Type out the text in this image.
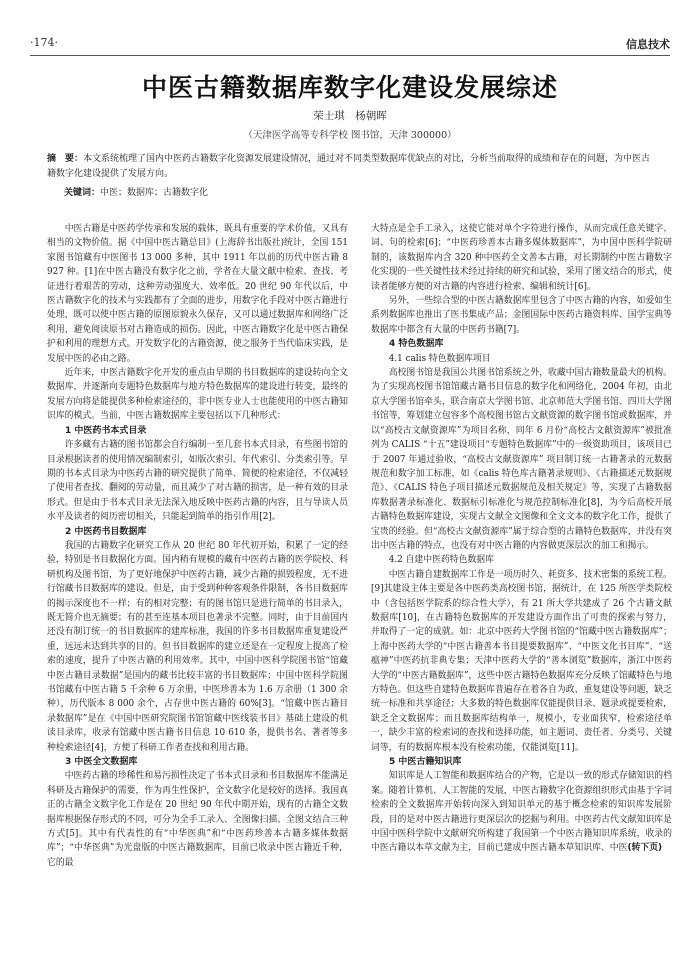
·174·	信息技术
中医古籍数据库数字化建设发展综述
荣士琪　杨朝晖
（天津医学高等专科学校 图书馆，天津 300000）
摘　要：本文系统梳理了国内中医药古籍数字化资源发展建设情况，通过对不同类型数据库优缺点的对比，分析当前取得的成绩和存在的问题，为中医古籍数字化建设提供了发展方向。
关键词：中医；数据库；古籍数字化

中医古籍是中医药学传承和发展的载体，既具有重要的学术价值，又具有相当的文物价值。据《中国中医古籍总目》(上海辞书出版社)统计，全国 151 家图书馆藏有中医图书 13 000 多种，其中 1911 年以前的历代中医古籍 8 927 种。[1]在中医古籍没有数字化之前，学者在大量文献中检索、查找、考证进行着艰苦的劳动，这种劳动强度大、效率低。20 世纪 90 年代以后，中医古籍数字化的技术与实践都有了全面的进步，用数字化手段对中医古籍进行处理，既可以使中医古籍的原图原貌永久保存，又可以通过数据库和网络广泛利用，避免阅读原书对古籍造成的损伤。因此，中医古籍数字化是中医古籍保护和利用的理想方式。开发数字化的古籍资源，使之服务于当代临床实践，是发展中医的必由之路。

近年来，中医古籍数字化开发的重点由早期的书目数据库的建设转向全文数据库，并逐渐向专题特色数据库与地方特色数据库的建设进行转变，最终的发展方向将是能提供多种检索途径的，非中医专业人士也能使用的中医古籍知识库的模式。当前，中医古籍数据库主要包括以下几种形式：

1 中医药书本式目录

许多藏有古籍的图书馆都会自行编制一至几套书本式目录，有些图书馆的目录根据读者的使用情况编制索引，如版次索引、年代索引、分类索引等。早期的书本式目录为中医药古籍的研究提供了简单、简便的检索途径，不仅减轻了使用者查找、翻阅的劳动量，而且减少了对古籍的损害，是一种有效的目录形式。但是由于书本式目录无法深入地反映中医药古籍的内容，且与导读人员水平及读者的阅历密切相关，只能起到简单的指引作用[2]。

2 中医药书目数据库

我国的古籍数字化研究工作从 20 世纪 80 年代初开始，积累了一定的经验，特别是书目数据化方面。国内稍有规模的藏有中医药古籍的医学院校、科研机构及图书馆，为了更好地保护中医药古籍，减少古籍的损毁程度，无不进行馆藏书目数据库的建设。但是，由于受到种种客观条件限制，各书目数据库的揭示深度也不一样；有的相对完整；有的图书馆只是进行简单的书目录入，既无简介也无摘要；有的甚至连基本项目也著录不完整。同时，由于目前国内还没有制订统一的书目数据库的建库标准，我国的许多书目数据库重复建设严重，远远未达到共享的目的。但书目数据库的建立还是在一定程度上提高了检索的速度，提升了中医古籍的利用效率。其中，中国中医科学院图书馆“馆藏中医古籍目录数据”是国内的藏书比较丰富的书目数据库；中国中医科学院图书馆藏有中医古籍 5 千余种 6 万余册，中医珍善本为 1.6 万余册（1 300 余种），历代版本 8 000 余个，占存世中医古籍的 60%[3]。“馆藏中医古籍目录数据库”是在《中国中医研究院图书馆馆藏中医线装书目》基础上建设的机读目录库，收录有馆藏中医古籍书目信息 10 610 条，提供书名、著者等多种检索途径[4]，方便了科研工作者查找和利用古籍。

3 中医全文数据库

中医药古籍的珍稀性和易污损性决定了书本式目录和书目数据库不能满足科研及古籍保护的需要，作为再生性保护，全文数字化是较好的选择。我国真正的古籍全文数字化工作是在 20 世纪 90 年代中期开始，现有的古籍全文数据库根据保存形式的不同，可分为全手工录入、全图像扫描、全图文结合三种方式[5]。其中有代表性的有“中华医典”和“中医药珍善本古籍多媒体数据库”；“中华医典”为光盘版的中医古籍数据库，目前已收录中医古籍近千种，它的最

大特点是全手工录入，这使它能对单个字符进行操作，从而完成任意关键字、词、句的检索[6]；“中医药珍善本古籍多媒体数据库”，为中国中医科学院研制的，该数据库内含 320 种中医药全文善本古籍，对长期制约中医古籍数字化实现的一些关键性技术经过持续的研究和试验，采用了图文结合的形式，使读者能够方便的对古籍的内容进行检索、编辑和统计[6]。

另外，一些综合型的中医古籍数据库里包含了中医古籍的内容，如爱如生系列数据库也推出了医书集成产品；金图国际中医药古籍资料库、国学宝典等数据库中都含有大量的中医药书籍[7]。

4 特色数据库
4.1 calis 特色数据库项目

高校图书馆是我国公共图书馆系统之外，收藏中国古籍数量最大的机构。为了实现高校图书馆馆藏古籍书目信息的数字化和网络化，2004 年初，由北京大学图书馆牵头，联合南京大学图书馆、北京师范大学图书馆、四川大学图书馆等，筹划建立包容多个高校图书馆古文献资源的数字图书馆或数据库，并以“高校古文献资源库”为项目名称，同年 6 月份“高校古文献资源库”被批准列为 CALIS “十五”建设项目“专题特色数据库”中的一级资助项目，该项目已于 2007 年通过验收，“高校古文献资源库” 项目制订统一古籍著录的元数据规范和数字加工标准，如《calis 特色库古籍著录规则》、《古籍描述元数据规范》、《CALIS 特色子项目描述元数据规范及相关规定》等，实现了古籍数据库数据著录标准化、数据标引标准化与规范控制标准化[8]，为今后高校开展古籍特色数据库建设，实现古文献全文图像和全文文本的数字化工作，提供了宝贵的经验。但“高校古文献资源库”属于综合型的古籍特色数据库，并没有突出中医古籍的特点，也没有对中医古籍的内容做更深层次的加工和揭示。

4.2 自建中医药特色数据库

中医古籍自建数据库工作是一项历时久、耗资多、技术密集的系统工程。[9]其建设主体主要是各中医药类高校图书馆，据统计，在 125 所医学类院校中（含包括医学院系的综合性大学），有 21 所大学共建成了 26 个古籍文献数据库[10]，在古籍特色数据库的开发建设方面作出了可贵的探索与努力，并取得了一定的成就。如：北京中医药大学图书馆的“馆藏中医古籍数据库”；上海中医药大学的“中医古籍善本书目提要数据库”、“中医文化书目库”、“送瘟神”中医药抗非典专集；天津中医药大学的“善本浏览”数据库，浙江中医药大学的“中医古籍数据库”，这些中医古籍特色数据库充分反映了馆藏特色与地方特色。但这些自建特色数据库普遍存在着各自为政、重复建设等问题，缺乏统一标准和共享途径；大多数的特色数据库仅能提供目录、题录或提要检索，缺乏全文数据库；而且数据库结构单一，规模小，专业面狭窄，检索途径单一，缺少丰富的检索词的查找和选择功能，如主题词、责任者、分类号、关键词等，有的数据库根本没有检索功能，仅能浏览[11]。

5 中医古籍知识库

知识库是人工智能和数据库结合的产物，它是以一致的形式存储知识的档案。随着计算机、人工智能的发展，中医古籍数字化资源组织形式由基于字词检索的全文数据库开始转向深入到知识单元的基于概念检索的知识库发展阶段，目的是对中医古籍进行更深层次的挖掘与利用。中医药古代文献知识库是中国中医科学院中文献研究所构建了我国第一个中医古籍知识库系统，收录的中医古籍以本草文献为主，目前已建成中医古籍本草知识库、中医(转下页)
